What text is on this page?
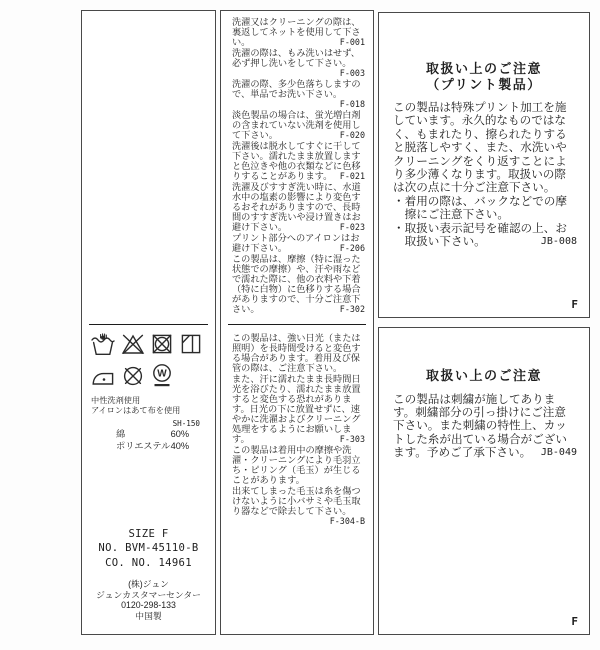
W
中性洗剤使用
アイロンはあて布を使用
SH-150
綿	60%
ポリエステル 40%
SIZE F
NO. BVM-45110-B
CO. NO. 14961
(株)ジュン
ジュンカスタマーセンター
0120-298-133
中国製

洗濯又はクリーニングの際は、裏返してネットを使用して下さい。	F-001

洗濯の際は、もみ洗いはせず、必ず押し洗いをして下さい。
F-003

洗濯の際、多少色落ちしますので、単品でお洗い下さい。
F-018

淡色製品の場合は、蛍光増白剤の含まれていない洗剤を使用して下さい。	F-020

洗濯後は脱水してすぐに干して下さい。濡れたまま放置しますと色泣きや他の衣類などに色移りすることがあります。 F-021

洗濯及びすすぎ洗い時に、水道水中の塩素の影響により変色するおそれがありますので、長時間のすすぎ洗いや浸け置きはお避け下さい。	F-023

プリント部分へのアイロンはお避け下さい。	F-206

この製品は、摩擦（特に湿った状態での摩擦）や、汗や雨などで濡れた際に、他の衣料や下着（特に白物）に色移りする場合がありますので、十分ご注意下さい。	F-302

この製品は、強い日光（または照明）を長時間受けると変色する場合があります。着用及び保管の際は、ご注意下さい。

また、汗に濡れたまま長時間日光を浴びたり、濡れたまま放置すると変色する恐れがあります。日光の下に放置せずに、速やかに洗濯およびクリーニング処理をするようにお願いします。	F-303

この製品は着用中の摩擦や洗濯・クリーニングにより毛羽立ち・ピリング（毛玉）が生じることがあります。

出来てしまった毛玉は糸を傷つけないように小バサミや毛玉取り器などで除去して下さい。
F-304-B

取扱い上のご注意
（プリント製品）

この製品は特殊プリント加工を施しています。永久的なものではなく、もまれたり、擦られたりすると脱落しやすく、また、水洗いやクリーニングをくり返すことにより多少薄くなります。取扱いの際は次の点に十分ご注意下さい。

・着用の際は、バックなどでの摩擦にご注意下さい。

・取扱い表示記号を確認の上、お取扱い下さい。	JB-008

F
取扱い上のご注意

この製品は刺繍が施してあります。刺繍部分の引っ掛けにご注意下さい。また刺繍の特性上、カットした糸が出ている場合がございます。予めご了承下さい。 JB-049

F
